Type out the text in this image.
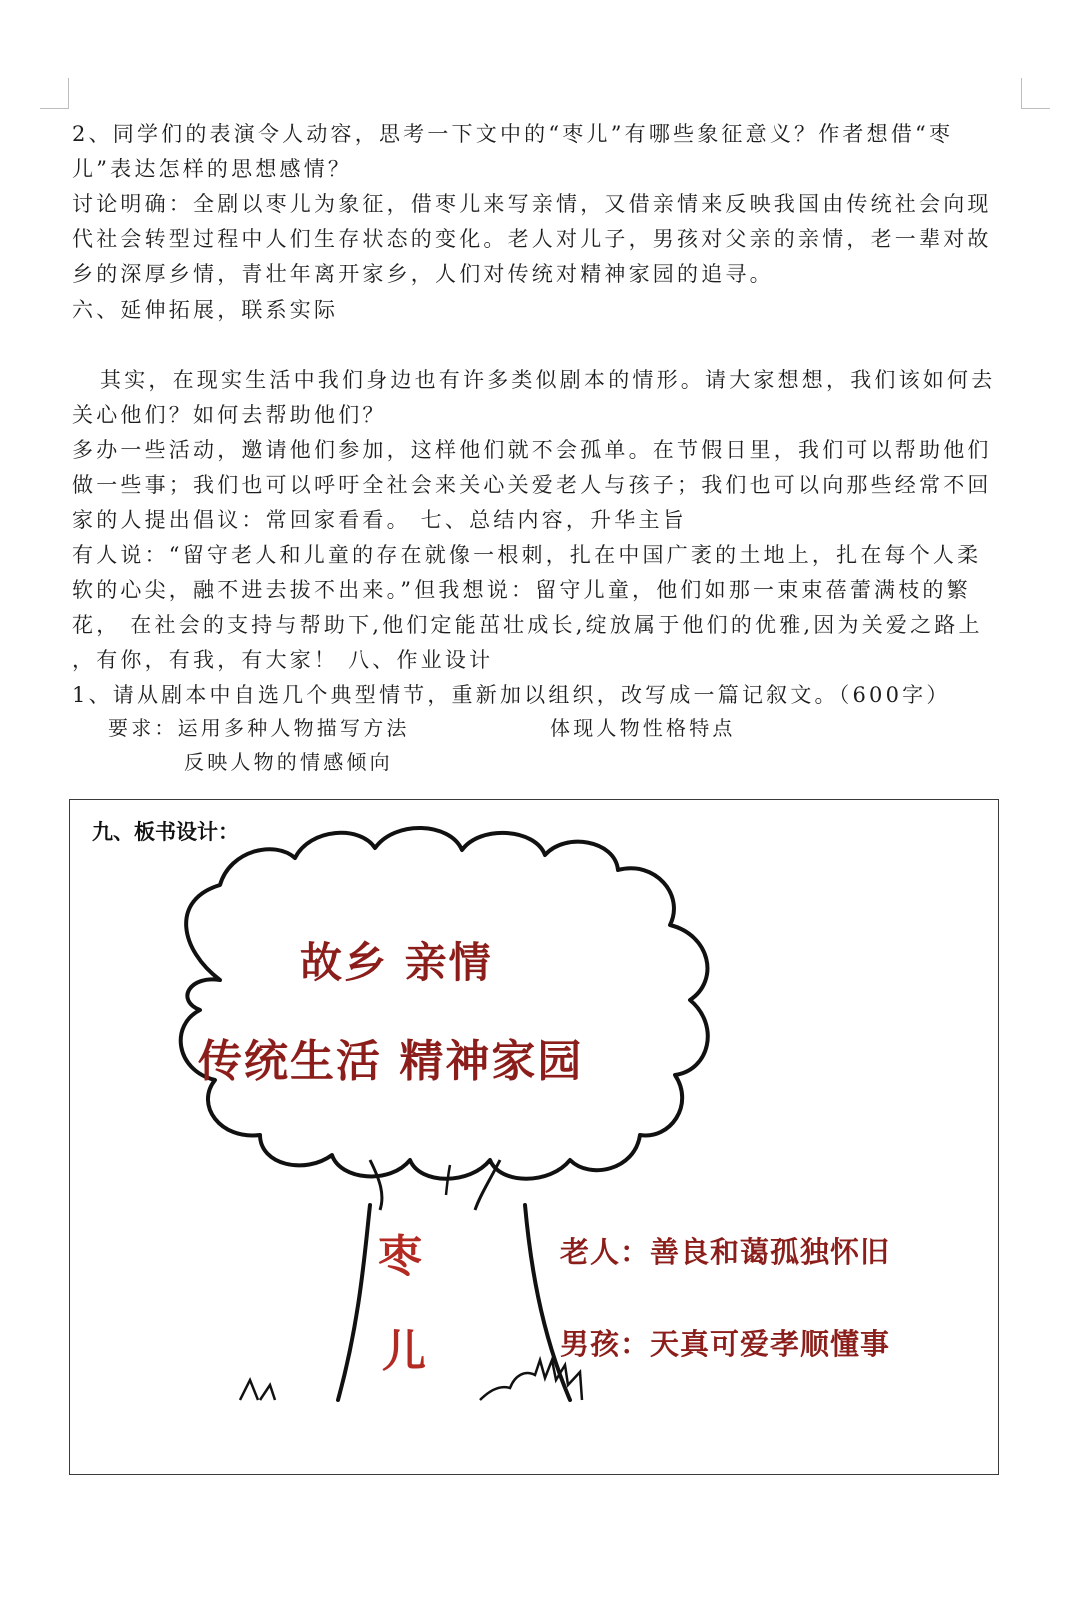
2、同学们的表演令人动容，思考一下文中的“枣儿”有哪些象征意义？作者想借“枣
儿”表达怎样的思想感情？
讨论明确：全剧以枣儿为象征，借枣儿来写亲情，又借亲情来反映我国由传统社会向现
代社会转型过程中人们生存状态的变化。老人对儿子，男孩对父亲的亲情，老一辈对故
乡的深厚乡情，青壮年离开家乡，人们对传统对精神家园的追寻。
六、延伸拓展，联系实际
其实，在现实生活中我们身边也有许多类似剧本的情形。请大家想想，我们该如何去
关心他们？如何去帮助他们？
多办一些活动，邀请他们参加，这样他们就不会孤单。在节假日里，我们可以帮助他们
做一些事；我们也可以呼吁全社会来关心关爱老人与孩子；我们也可以向那些经常不回
家的人提出倡议：常回家看看。 七、总结内容，升华主旨
有人说：“留守老人和儿童的存在就像一根刺，扎在中国广袤的土地上，扎在每个人柔
软的心尖，融不进去拔不出来。”但我想说：留守儿童，他们如那一束束蓓蕾满枝的繁
花， 在社会的支持与帮助下,他们定能茁壮成长,绽放属于他们的优雅,因为关爱之路上
，有你，有我，有大家！ 八、作业设计
1、请从剧本中自选几个典型情节，重新加以组织，改写成一篇记叙文。（600字）
要求：运用多种人物描写方法	体现人物性格特点
反映人物的情感倾向
九、板书设计：
故乡 亲情
传统生活 精神家园
枣
儿
老人：善良和蔼孤独怀旧
男孩：天真可爱孝顺懂事
